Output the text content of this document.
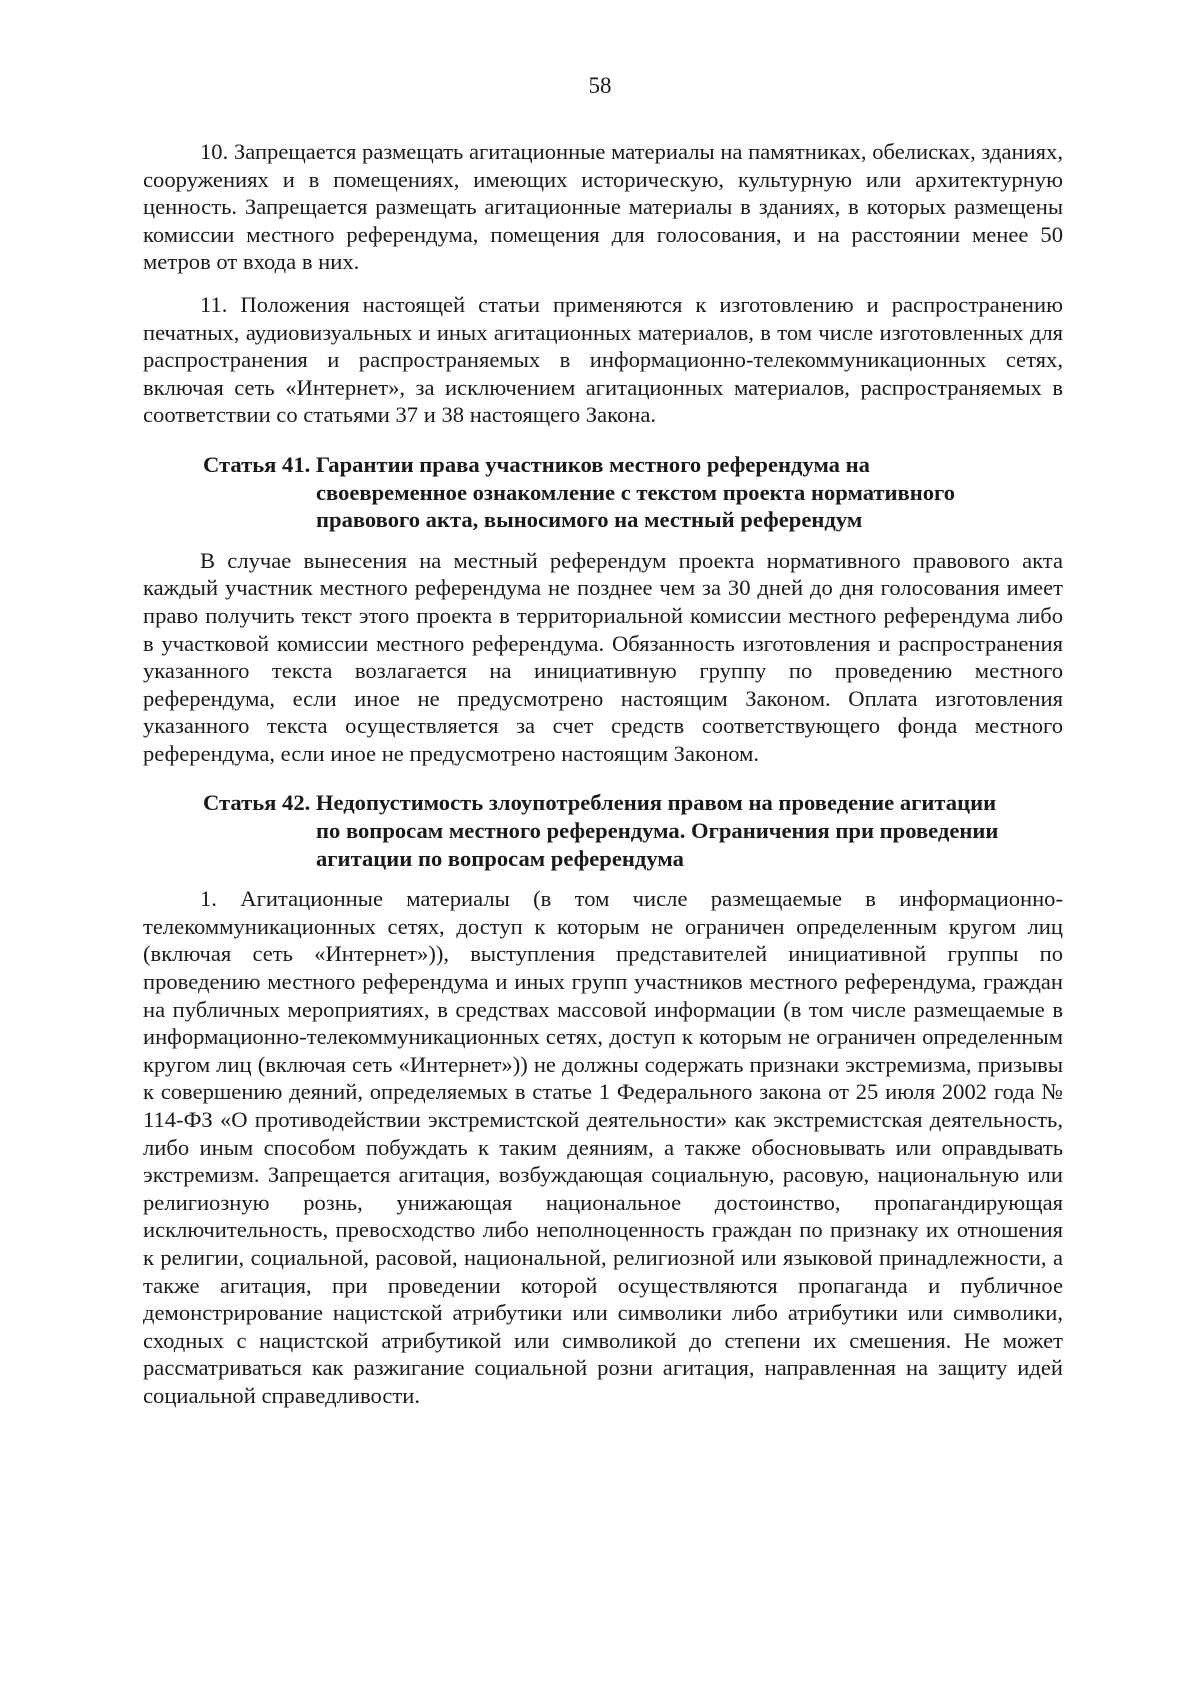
58

10. Запрещается размещать агитационные материалы на памятниках, обелисках, зданиях, сооружениях и в помещениях, имеющих историческую, культурную или архитектурную ценность. Запрещается размещать агитационные материалы в зданиях, в которых размещены комиссии местного референдума, помещения для голосования, и на расстоянии менее 50 метров от входа в них.

11. Положения настоящей статьи применяются к изготовлению и распространению печатных, аудиовизуальных и иных агитационных материалов, в том числе изготовленных для распространения и распространяемых в информационно-телекоммуникационных сетях, включая сеть «Интернет», за исключением агитационных материалов, распространяемых в соответствии со статьями 37 и 38 настоящего Закона.

Статья 41. Гарантии права участников местного референдума на
своевременное ознакомление с текстом проекта нормативного
правового акта, выносимого на местный референдум

В случае вынесения на местный референдум проекта нормативного правового акта каждый участник местного референдума не позднее чем за 30 дней до дня голосования имеет право получить текст этого проекта в территориальной комиссии местного референдума либо в участковой комиссии местного референдума. Обязанность изготовления и распространения указанного текста возлагается на инициативную группу по проведению местного референдума, если иное не предусмотрено настоящим Законом. Оплата изготовления указанного текста осуществляется за счет средств соответствующего фонда местного референдума, если иное не предусмотрено настоящим Законом.

Статья 42. Недопустимость злоупотребления правом на проведение агитации
по вопросам местного референдума. Ограничения при проведении
агитации по вопросам референдума

1. Агитационные материалы (в том числе размещаемые в информационно-телекоммуникационных сетях, доступ к которым не ограничен определенным кругом лиц (включая сеть «Интернет»)), выступления представителей инициативной группы по проведению местного референдума и иных групп участников местного референдума, граждан на публичных мероприятиях, в средствах массовой информации (в том числе размещаемые в информационно-телекоммуникационных сетях, доступ к которым не ограничен определенным кругом лиц (включая сеть «Интернет»)) не должны содержать признаки экстремизма, призывы к совершению деяний, определяемых в статье 1 Федерального закона от 25 июля 2002 года № 114-ФЗ «О противодействии экстремистской деятельности» как экстремистская деятельность, либо иным способом побуждать к таким деяниям, а также обосновывать или оправдывать экстремизм. Запрещается агитация, возбуждающая социальную, расовую, национальную или религиозную рознь, унижающая национальное достоинство, пропагандирующая исключительность, превосходство либо неполноценность граждан по признаку их отношения к религии, социальной, расовой, национальной, религиозной или языковой принадлежности, а также агитация, при проведении которой осуществляются пропаганда и публичное демонстрирование нацистской атрибутики или символики либо атрибутики или символики, сходных с нацистской атрибутикой или символикой до степени их смешения. Не может рассматриваться как разжигание социальной розни агитация, направленная на защиту идей социальной справедливости.
